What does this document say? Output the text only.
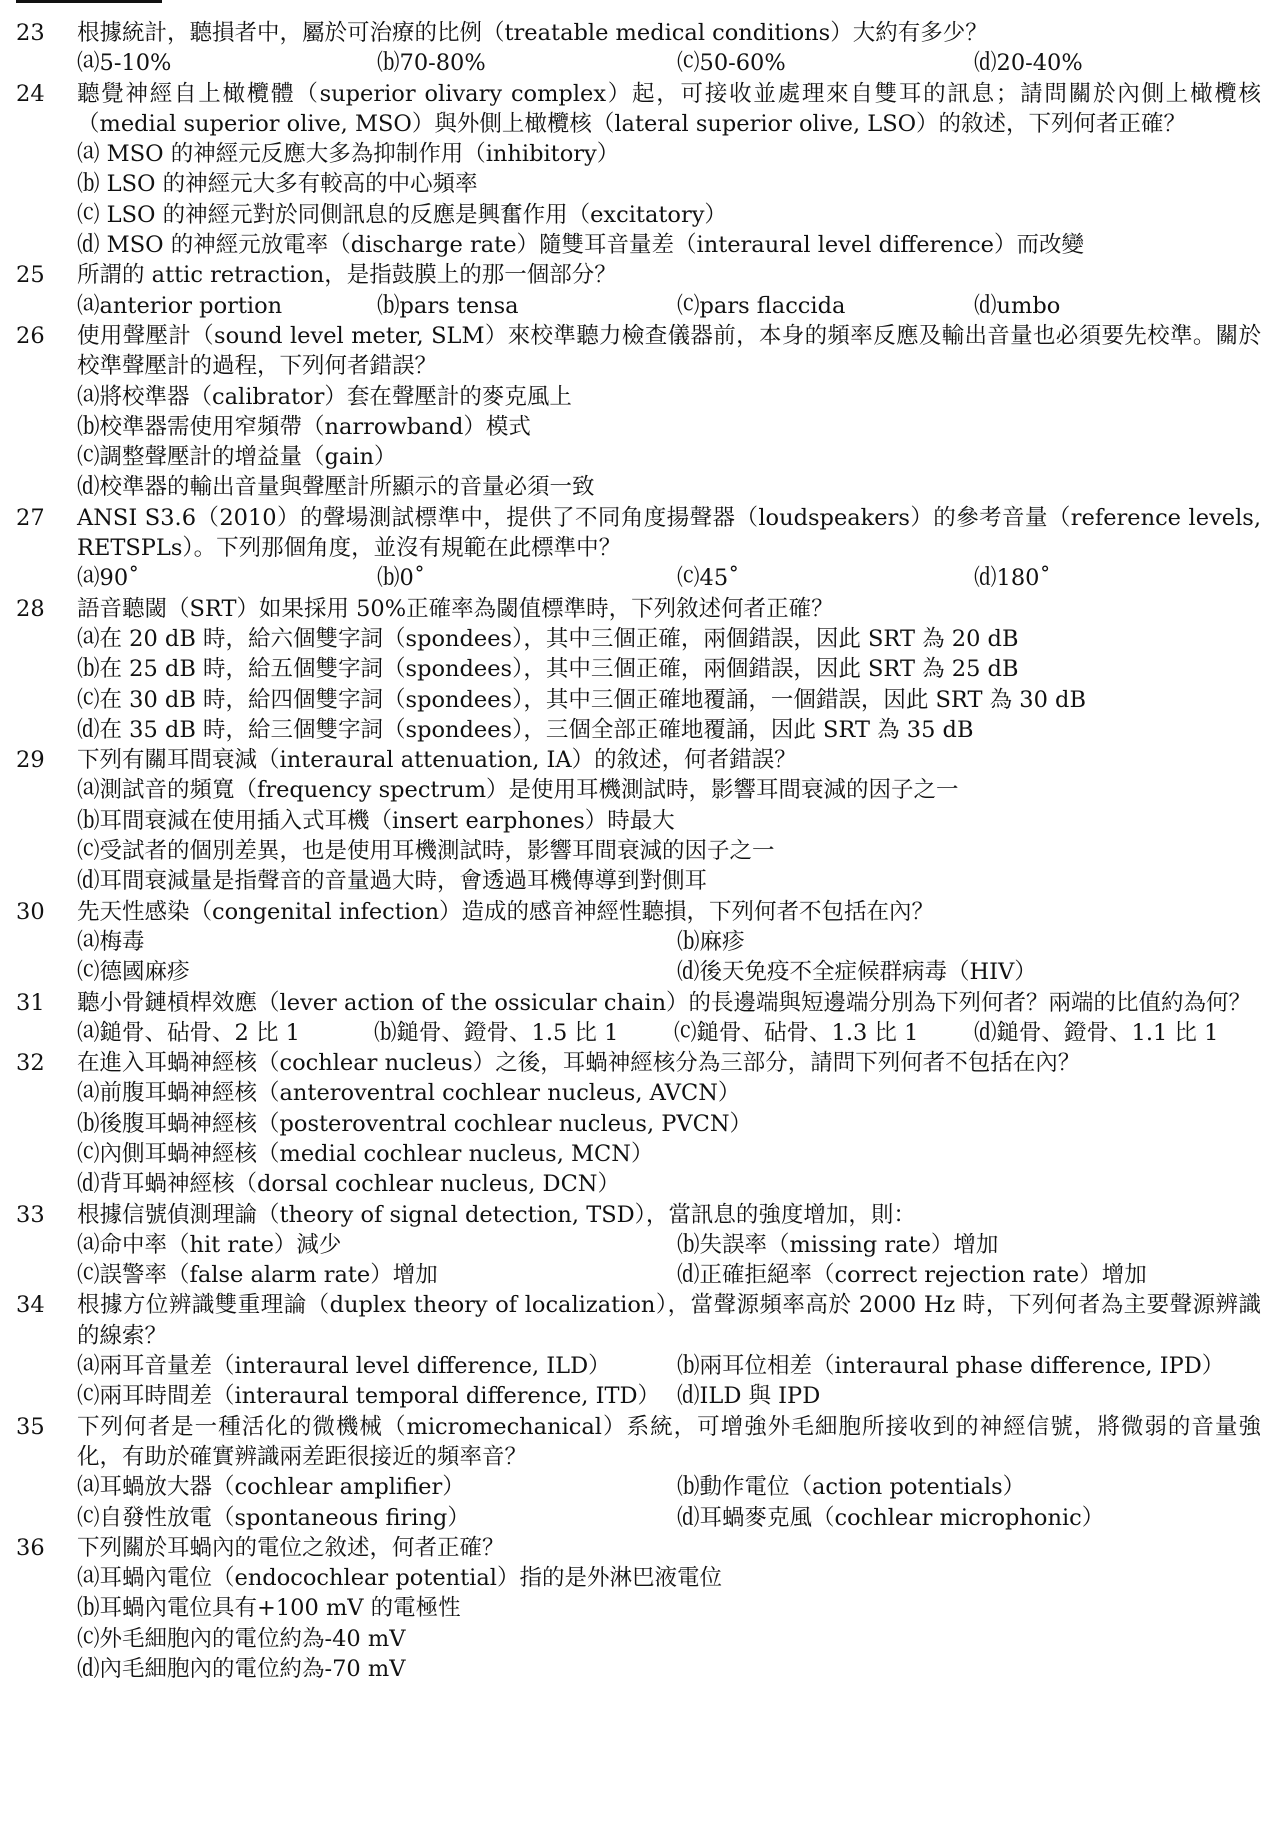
23	根據統計，聽損者中，屬於可治療的比例（treatable medical conditions）大約有多少？
⒜5-10%	⒝70-80%	⒞50-60%	⒟20-40%
24	聽覺神經自上橄欖體（superior olivary complex）起，可接收並處理來自雙耳的訊息；請問關於內側上橄欖核（medial superior olive, MSO）與外側上橄欖核（lateral superior olive, LSO）的敘述，下列何者正確？
⒜ MSO 的神經元反應大多為抑制作用（inhibitory）
⒝ LSO 的神經元大多有較高的中心頻率
⒞ LSO 的神經元對於同側訊息的反應是興奮作用（excitatory）
⒟ MSO 的神經元放電率（discharge rate）隨雙耳音量差（interaural level difference）而改變
25	所謂的 attic retraction，是指鼓膜上的那一個部分？
⒜anterior portion	⒝pars tensa	⒞pars flaccida	⒟umbo
26	使用聲壓計（sound level meter, SLM）來校準聽力檢查儀器前，本身的頻率反應及輸出音量也必須要先校準。關於校準聲壓計的過程，下列何者錯誤？
⒜將校準器（calibrator）套在聲壓計的麥克風上
⒝校準器需使用窄頻帶（narrowband）模式
⒞調整聲壓計的增益量（gain）
⒟校準器的輸出音量與聲壓計所顯示的音量必須一致
27	ANSI S3.6（2010）的聲場測試標準中，提供了不同角度揚聲器（loudspeakers）的參考音量（reference levels, RETSPLs）。下列那個角度，並沒有規範在此標準中？
⒜90˚	⒝0˚	⒞45˚	⒟180˚
28	語音聽閾（SRT）如果採用 50%正確率為閾值標準時，下列敘述何者正確？
⒜在 20 dB 時，給六個雙字詞（spondees），其中三個正確，兩個錯誤，因此 SRT 為 20 dB
⒝在 25 dB 時，給五個雙字詞（spondees），其中三個正確，兩個錯誤，因此 SRT 為 25 dB
⒞在 30 dB 時，給四個雙字詞（spondees），其中三個正確地覆誦，一個錯誤，因此 SRT 為 30 dB
⒟在 35 dB 時，給三個雙字詞（spondees），三個全部正確地覆誦，因此 SRT 為 35 dB
29	下列有關耳間衰減（interaural attenuation, IA）的敘述，何者錯誤？
⒜測試音的頻寬（frequency spectrum）是使用耳機測試時，影響耳間衰減的因子之一
⒝耳間衰減在使用插入式耳機（insert earphones）時最大
⒞受試者的個別差異，也是使用耳機測試時，影響耳間衰減的因子之一
⒟耳間衰減量是指聲音的音量過大時，會透過耳機傳導到對側耳
30	先天性感染（congenital infection）造成的感音神經性聽損，下列何者不包括在內？
⒜梅毒	⒝麻疹
⒞德國麻疹	⒟後天免疫不全症候群病毒（HIV）
31	聽小骨鏈槓桿效應（lever action of the ossicular chain）的長邊端與短邊端分別為下列何者？兩端的比值約為何？
⒜鎚骨、砧骨、2 比 1	⒝鎚骨、鐙骨、1.5 比 1	⒞鎚骨、砧骨、1.3 比 1	⒟鎚骨、鐙骨、1.1 比 1
32	在進入耳蝸神經核（cochlear nucleus）之後，耳蝸神經核分為三部分，請問下列何者不包括在內？
⒜前腹耳蝸神經核（anteroventral cochlear nucleus, AVCN）
⒝後腹耳蝸神經核（posteroventral cochlear nucleus, PVCN）
⒞內側耳蝸神經核（medial cochlear nucleus, MCN）
⒟背耳蝸神經核（dorsal cochlear nucleus, DCN）
33	根據信號偵測理論（theory of signal detection, TSD），當訊息的強度增加，則：
⒜命中率（hit rate）減少	⒝失誤率（missing rate）增加
⒞誤警率（false alarm rate）增加	⒟正確拒絕率（correct rejection rate）增加
34	根據方位辨識雙重理論（duplex theory of localization），當聲源頻率高於 2000 Hz 時，下列何者為主要聲源辨識的線索？
⒜兩耳音量差（interaural level difference, ILD）	⒝兩耳位相差（interaural phase difference, IPD）
⒞兩耳時間差（interaural temporal difference, ITD） ⒟ILD 與 IPD
35	下列何者是一種活化的微機械（micromechanical）系統，可增強外毛細胞所接收到的神經信號，將微弱的音量強化，有助於確實辨識兩差距很接近的頻率音？
⒜耳蝸放大器（cochlear amplifier）	⒝動作電位（action potentials）
⒞自發性放電（spontaneous firing）	⒟耳蝸麥克風（cochlear microphonic）
36	下列關於耳蝸內的電位之敘述，何者正確？
⒜耳蝸內電位（endocochlear potential）指的是外淋巴液電位
⒝耳蝸內電位具有+100 mV 的電極性
⒞外毛細胞內的電位約為-40 mV
⒟內毛細胞內的電位約為-70 mV
